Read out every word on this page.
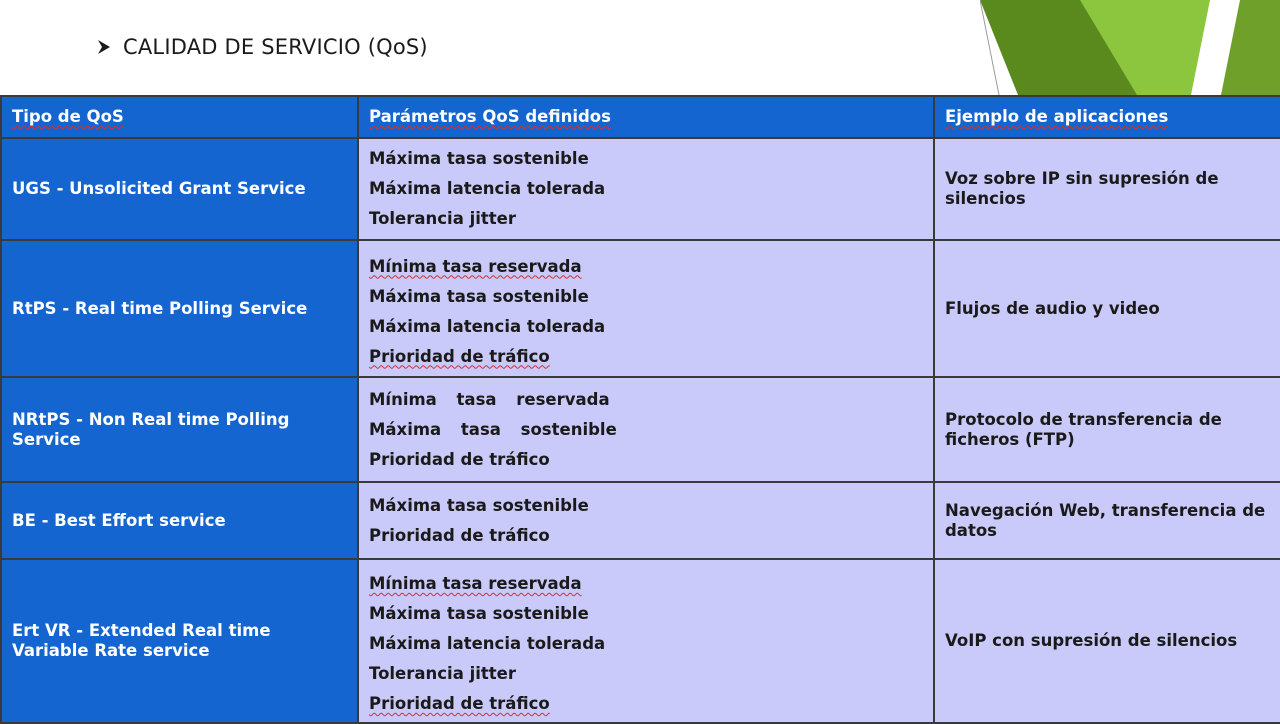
CALIDAD DE SERVICIO (QoS)
Tipo de QoS	Parámetros QoS definidos	Ejemplo de aplicaciones

UGS - Unsolicited Grant Service	Máxima tasa sostenible
Máxima latencia tolerada
Tolerancia jitter	Voz sobre IP sin supresión de silencios

RtPS - Real time Polling Service	Mínima tasa reservada
Máxima tasa sostenible
Máxima latencia tolerada
Prioridad de tráfico	Flujos de audio y video

NRtPS - Non Real time Polling Service	Mínima tasa reservada
Máxima tasa sostenible
Prioridad de tráfico	Protocolo de transferencia de ficheros (FTP)

BE - Best Effort service	Máxima tasa sostenible
Prioridad de tráfico	Navegación Web, transferencia de datos

Ert VR - Extended Real time Variable Rate service	Mínima tasa reservada
Máxima tasa sostenible
Máxima latencia tolerada
Tolerancia jitter
Prioridad de tráfico	VoIP con supresión de silencios
